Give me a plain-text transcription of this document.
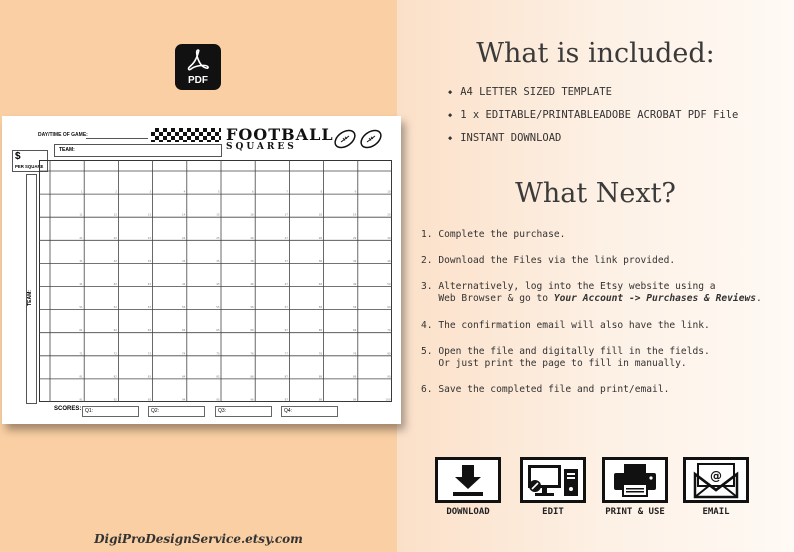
PDF
DAY/TIME OF GAME:	FOOTBALL
SQUARES
TEAM:
$
PER SQUARE
TEAM:
1	2	3	4	5	6	7	8	9	10
11	12	13	14	15	16	17	18	19	20
21	22	23	24	25	26	27	28	29	30
31	32	33	34	35	36	37	38	39	40
41	42	43	44	45	46	47	48	49	50
51	52	53	54	55	56	57	58	59	60
61	62	63	64	65	66	67	68	69	70
71	72	73	74	75	76	77	78	79	80
81	82	83	84	85	86	87	88	89	90
91	92	93	94	95	96	97	98	99	100
SCORES: Q1:	Q2:	Q3:	Q4:
DigiProDesignService.etsy.com
What is included:
◆ A4 LETTER SIZED TEMPLATE
◆ 1 x EDITABLE/PRINTABLEADOBE ACROBAT PDF File
◆ INSTANT DOWNLOAD
What Next?
1. Complete the purchase.
2. Download the Files via the link provided.
3. Alternatively, log into the Etsy website using a
Web Browser & go to Your Account -> Purchases & Reviews.
4. The confirmation email will also have the link.
5. Open the file and digitally fill in the fields.
Or just print the page to fill in manually.
6. Save the completed file and print/email.
DOWNLOAD	EDIT	PRINT & USE
@
EMAIL
